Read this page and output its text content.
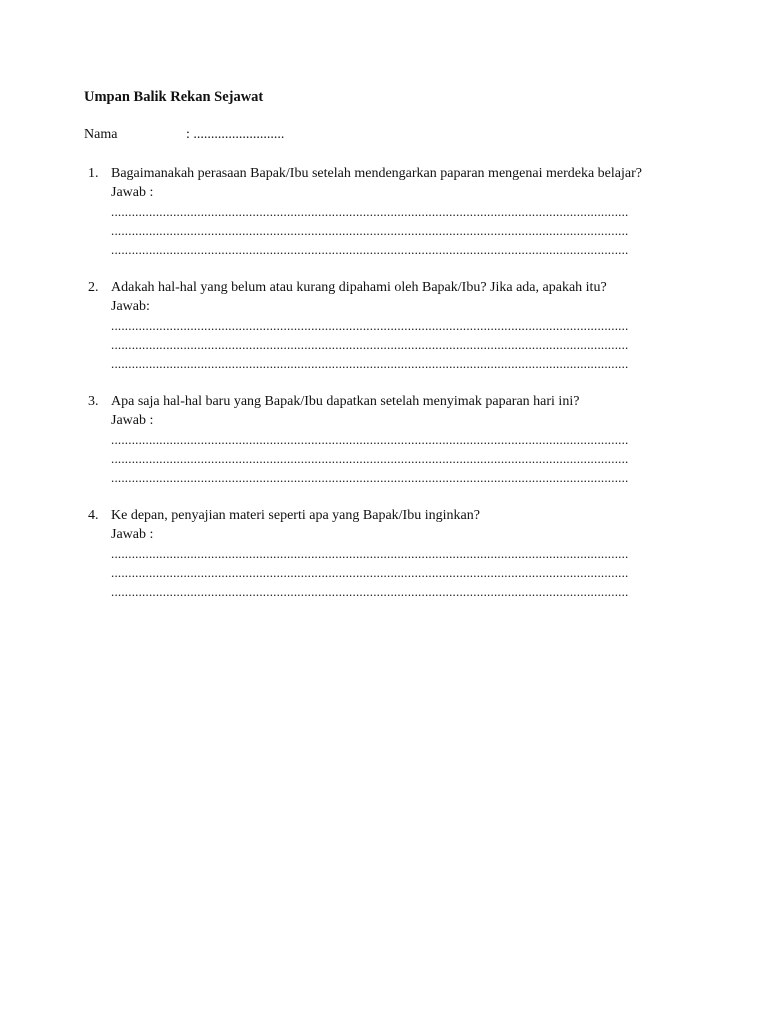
Umpan Balik Rekan Sejawat
Nama	: ..........................
1. Bagaimanakah perasaan Bapak/Ibu setelah mendengarkan paparan mengenai merdeka belajar?
Jawab :
......................................................................................................................................................
......................................................................................................................................................
......................................................................................................................................................
2. Adakah hal-hal yang belum atau kurang dipahami oleh Bapak/Ibu? Jika ada, apakah itu?
Jawab:
......................................................................................................................................................
......................................................................................................................................................
......................................................................................................................................................
3. Apa saja hal-hal baru yang Bapak/Ibu dapatkan setelah menyimak paparan hari ini?
Jawab :
......................................................................................................................................................
......................................................................................................................................................
......................................................................................................................................................
4. Ke depan, penyajian materi seperti apa yang Bapak/Ibu inginkan?
Jawab :
......................................................................................................................................................
......................................................................................................................................................
......................................................................................................................................................
